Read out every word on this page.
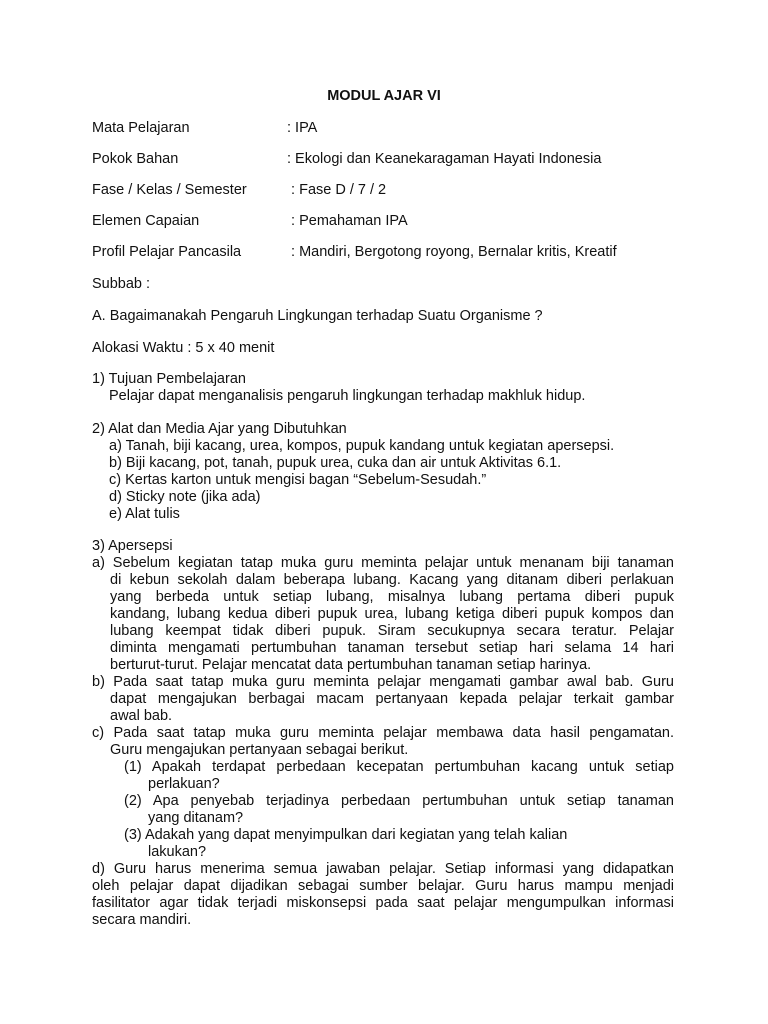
MODUL AJAR VI
Mata Pelajaran	: IPA
Pokok Bahan	: Ekologi dan Keanekaragaman Hayati Indonesia
Fase / Kelas / Semester	: Fase D / 7 / 2
Elemen Capaian	: Pemahaman IPA
Profil Pelajar Pancasila	: Mandiri, Bergotong royong, Bernalar kritis, Kreatif
Subbab :
A. Bagaimanakah Pengaruh Lingkungan terhadap Suatu Organisme ?
Alokasi Waktu : 5 x 40 menit
1) Tujuan Pembelajaran
Pelajar dapat menganalisis pengaruh lingkungan terhadap makhluk hidup.
2) Alat dan Media Ajar yang Dibutuhkan
a) Tanah, biji kacang, urea, kompos, pupuk kandang untuk kegiatan apersepsi.
b) Biji kacang, pot, tanah, pupuk urea, cuka dan air untuk Aktivitas 6.1.
c) Kertas karton untuk mengisi bagan “Sebelum-Sesudah.”
d) Sticky note (jika ada)
e) Alat tulis
3) Apersepsi
a) Sebelum kegiatan tatap muka guru meminta pelajar untuk menanam biji tanaman
di kebun sekolah dalam beberapa lubang. Kacang yang ditanam diberi perlakuan
yang berbeda untuk setiap lubang, misalnya lubang pertama diberi pupuk
kandang, lubang kedua diberi pupuk urea, lubang ketiga diberi pupuk kompos dan
lubang keempat tidak diberi pupuk. Siram secukupnya secara teratur. Pelajar
diminta mengamati pertumbuhan tanaman tersebut setiap hari selama 14 hari
berturut-turut. Pelajar mencatat data pertumbuhan tanaman setiap harinya.
b) Pada saat tatap muka guru meminta pelajar mengamati gambar awal bab. Guru
dapat mengajukan berbagai macam pertanyaan kepada pelajar terkait gambar
awal bab.
c) Pada saat tatap muka guru meminta pelajar membawa data hasil pengamatan.
Guru mengajukan pertanyaan sebagai berikut.
(1) Apakah terdapat perbedaan kecepatan pertumbuhan kacang untuk setiap
perlakuan?
(2) Apa penyebab terjadinya perbedaan pertumbuhan untuk setiap tanaman
yang ditanam?
(3) Adakah yang dapat menyimpulkan dari kegiatan yang telah kalian
lakukan?
d) Guru harus menerima semua jawaban pelajar. Setiap informasi yang didapatkan
oleh pelajar dapat dijadikan sebagai sumber belajar. Guru harus mampu menjadi
fasilitator agar tidak terjadi miskonsepsi pada saat pelajar mengumpulkan informasi
secara mandiri.
